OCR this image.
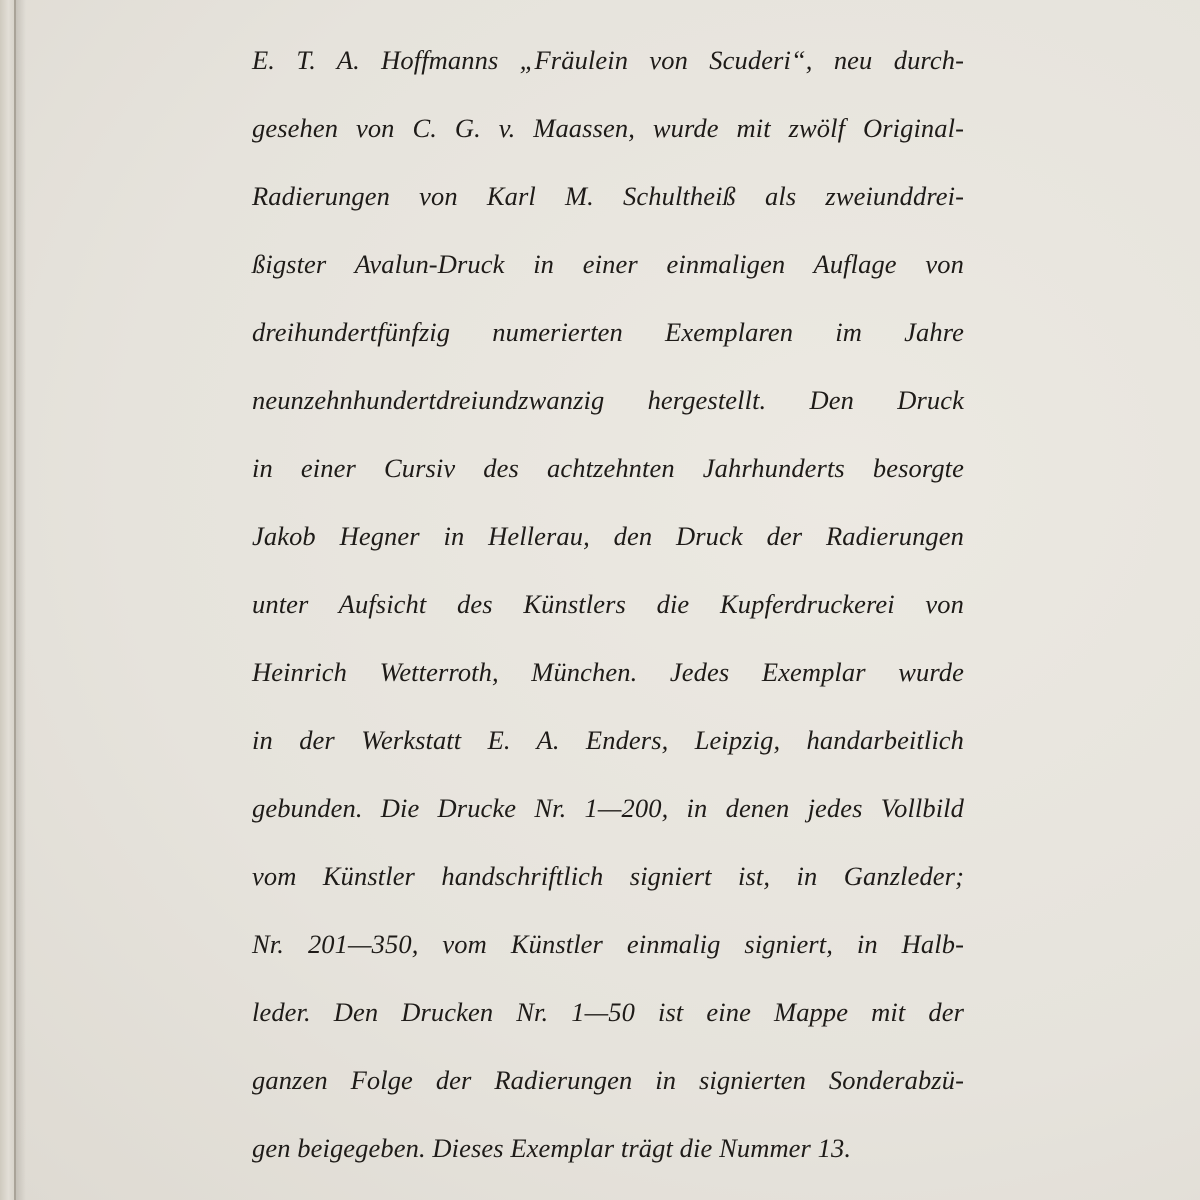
E. T. A. Hoffmanns „Fräulein von Scuderi“, neu durch-
gesehen von C. G. v. Maassen, wurde mit zwölf Original-
Radierungen von Karl M. Schultheiß als zweiunddrei-
ßigster Avalun-Druck in einer einmaligen Auflage von
dreihundertfünfzig numerierten Exemplaren im Jahre
neunzehnhundertdreiundzwanzig hergestellt. Den Druck
in einer Cursiv des achtzehnten Jahrhunderts besorgte
Jakob Hegner in Hellerau, den Druck der Radierungen
unter Aufsicht des Künstlers die Kupferdruckerei von
Heinrich Wetterroth, München. Jedes Exemplar wurde
in der Werkstatt E. A. Enders, Leipzig, handarbeitlich
gebunden. Die Drucke Nr. 1—200, in denen jedes Vollbild
vom Künstler handschriftlich signiert ist, in Ganzleder;
Nr. 201—350, vom Künstler einmalig signiert, in Halb-
leder. Den Drucken Nr. 1—50 ist eine Mappe mit der
ganzen Folge der Radierungen in signierten Sonderabzü-
gen beigegeben. Dieses Exemplar trägt die Nummer 13.
